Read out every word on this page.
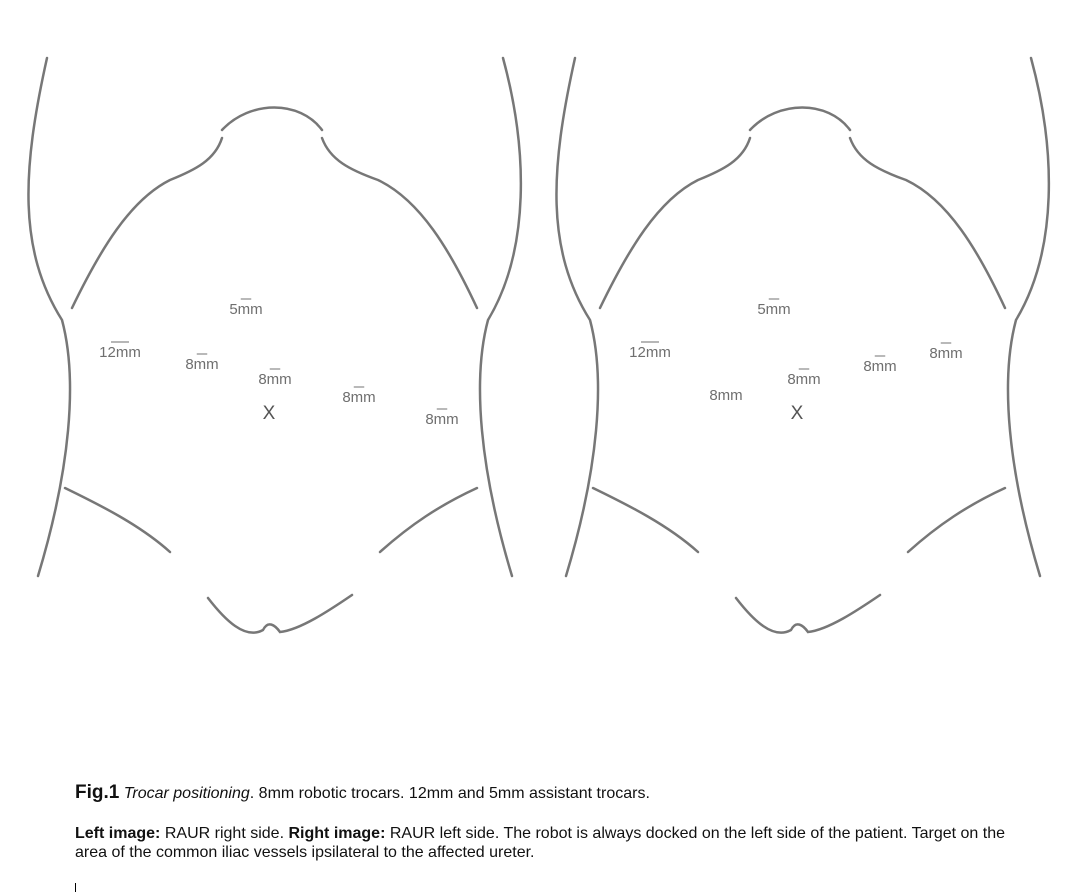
12mm
5mm
8mm
8mm
8mm
8mm
X
12mm
5mm
8mm
8mm
8mm
8mm
X
Fig.1 Trocar positioning. 8mm robotic trocars. 12mm and 5mm assistant trocars.
Left image: RAUR right side. Right image: RAUR left side. The robot is always docked on the left side of the patient. Target on the area of the common iliac vessels ipsilateral to the affected ureter.
